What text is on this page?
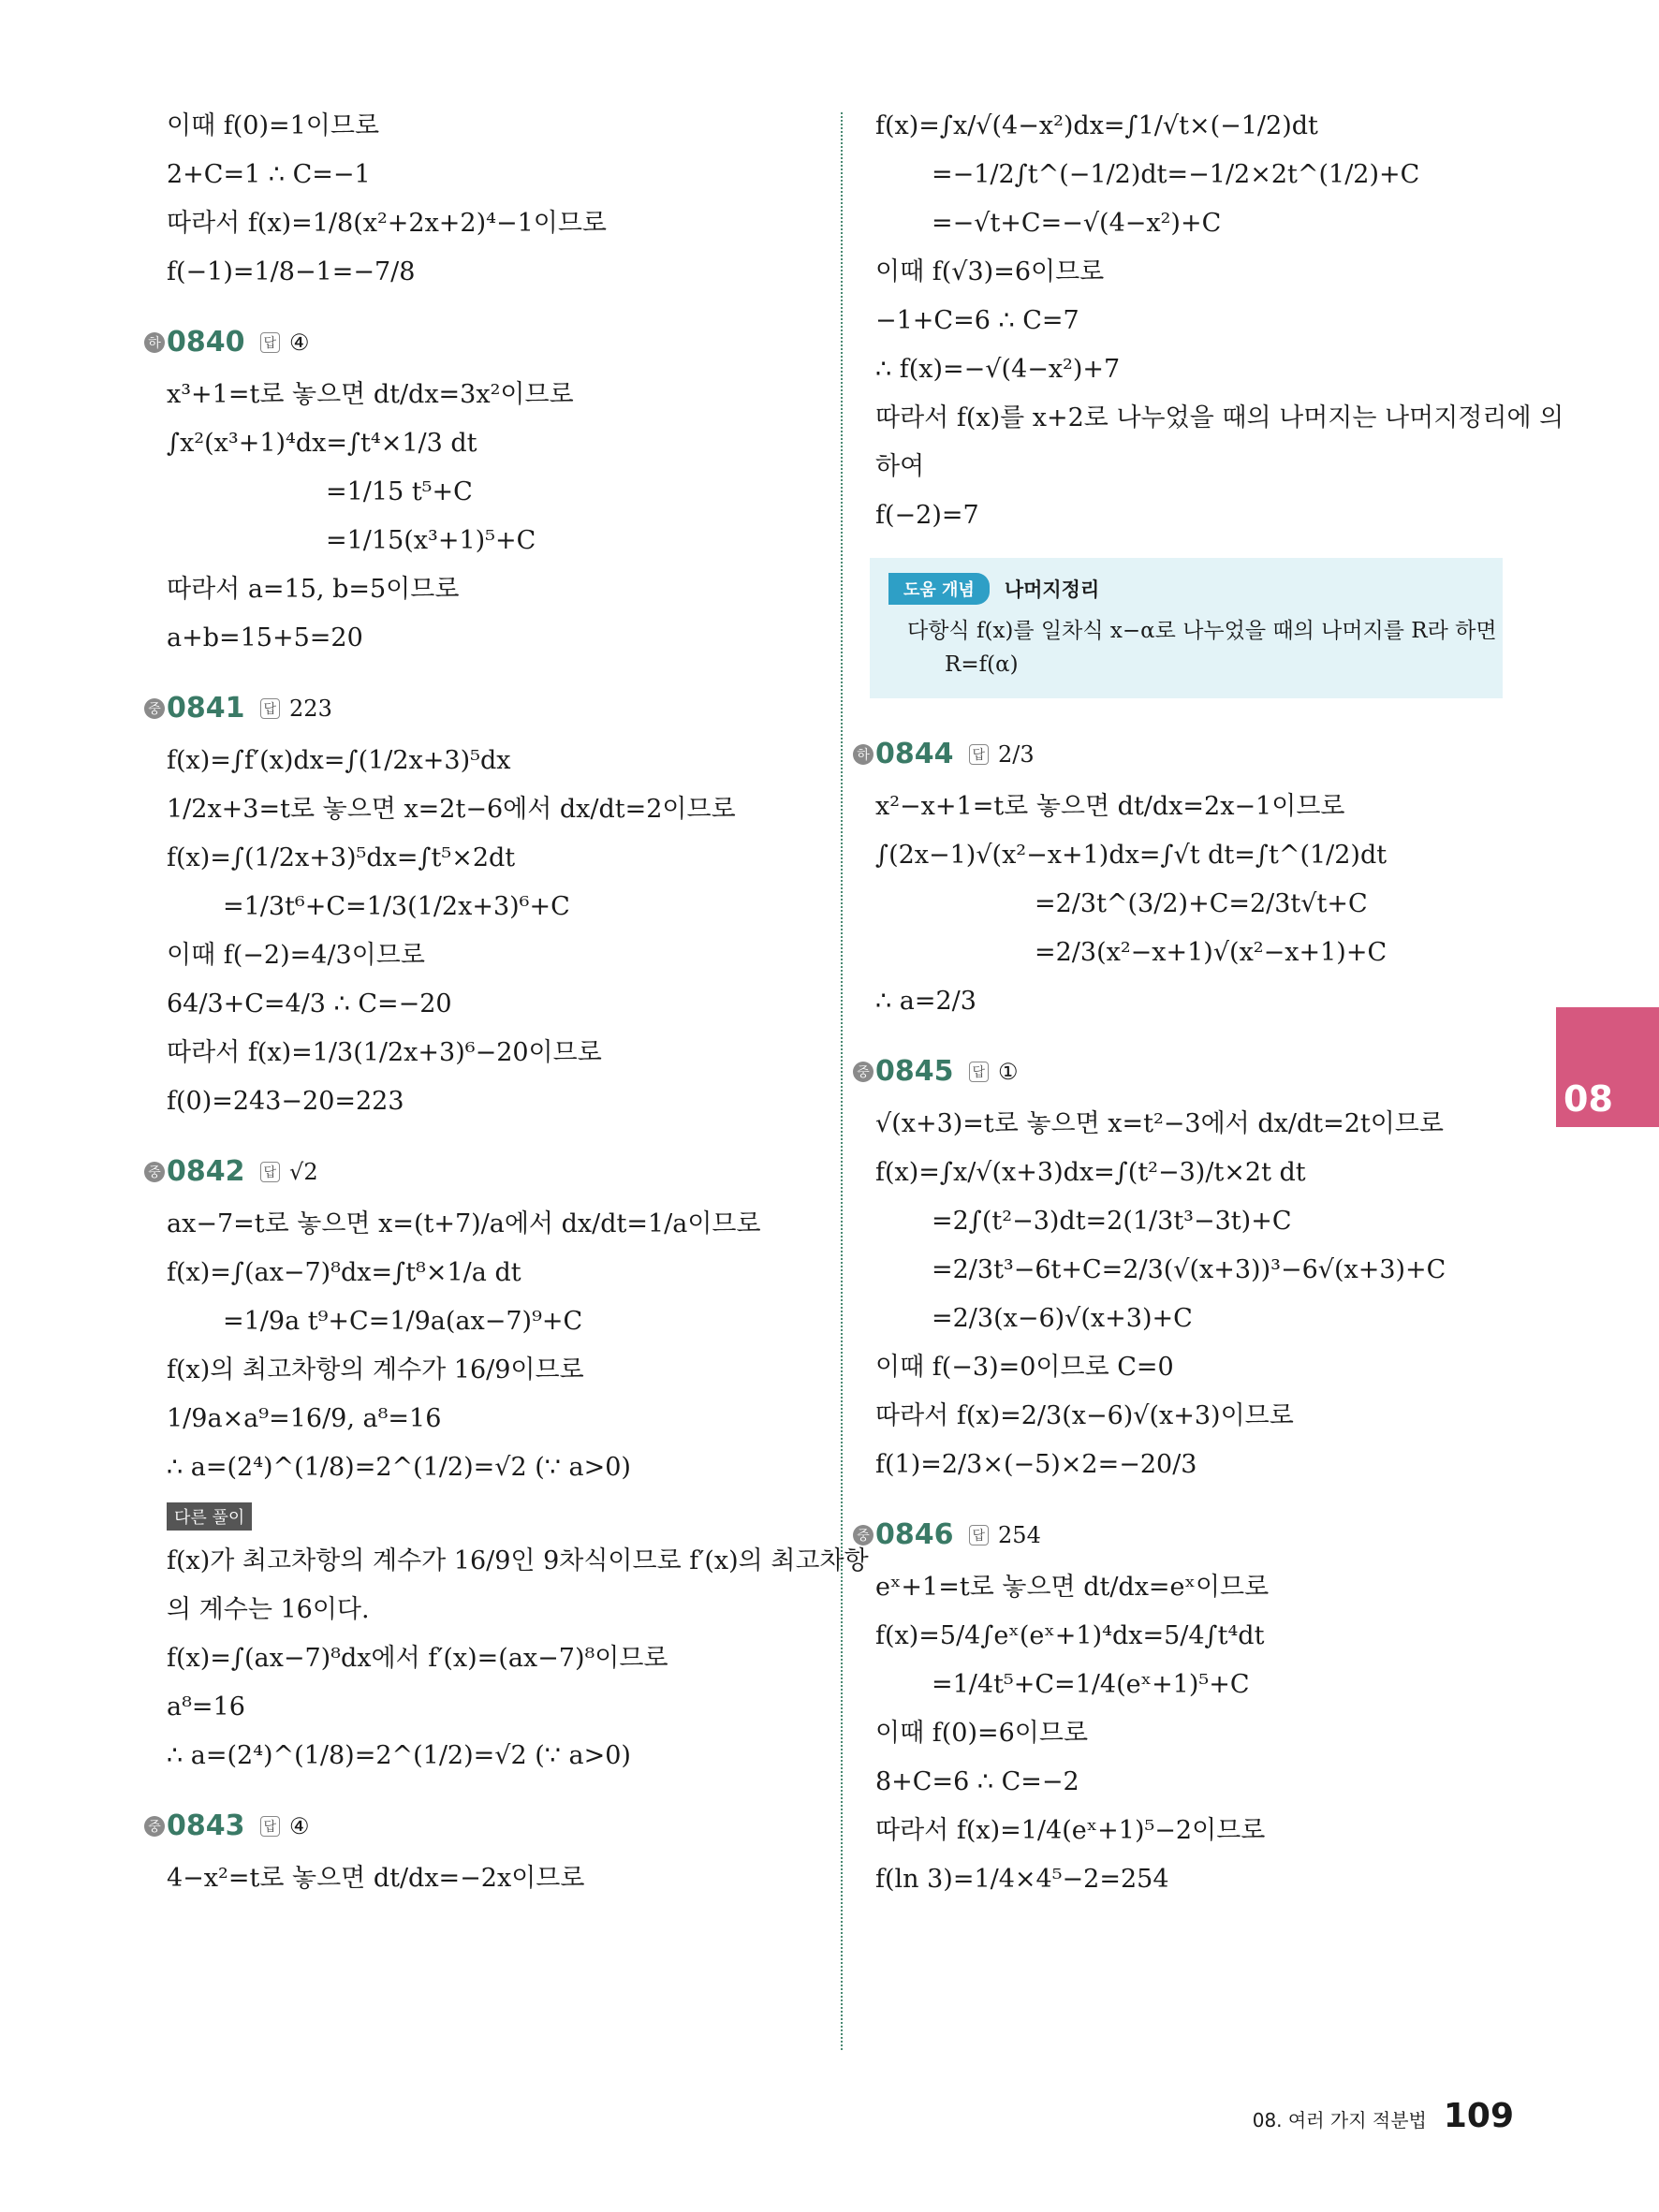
이때 f(0)=1이므로
2+C=1 ∴ C=−1
따라서 f(x)=1/8(x²+2x+2)⁴−1이므로
f(−1)=1/8−1=−7/8
하 0840 답 ④
x³+1=t로 놓으면 dt/dx=3x²이므로
∫x²(x³+1)⁴dx=∫t⁴×1/3 dt
=1/15 t⁵+C
=1/15(x³+1)⁵+C
따라서 a=15, b=5이므로
a+b=15+5=20
중 0841 답 223
f(x)=∫f′(x)dx=∫(1/2x+3)⁵dx
1/2x+3=t로 놓으면 x=2t−6에서 dx/dt=2이므로
f(x)=∫(1/2x+3)⁵dx=∫t⁵×2dt
=1/3t⁶+C=1/3(1/2x+3)⁶+C
이때 f(−2)=4/3이므로
64/3+C=4/3 ∴ C=−20
따라서 f(x)=1/3(1/2x+3)⁶−20이므로
f(0)=243−20=223
중 0842 답 √2
ax−7=t로 놓으면 x=(t+7)/a에서 dx/dt=1/a이므로
f(x)=∫(ax−7)⁸dx=∫t⁸×1/a dt
=1/9a t⁹+C=1/9a(ax−7)⁹+C
f(x)의 최고차항의 계수가 16/9이므로
1/9a×a⁹=16/9, a⁸=16
∴ a=(2⁴)^(1/8)=2^(1/2)=√2 (∵ a>0)
다른 풀이
f(x)가 최고차항의 계수가 16/9인 9차식이므로 f′(x)의 최고차항
의 계수는 16이다.
f(x)=∫(ax−7)⁸dx에서 f′(x)=(ax−7)⁸이므로
a⁸=16
∴ a=(2⁴)^(1/8)=2^(1/2)=√2 (∵ a>0)
중 0843 답 ④
4−x²=t로 놓으면 dt/dx=−2x이므로
f(x)=∫x/√(4−x²)dx=∫1/√t×(−1/2)dt
=−1/2∫t^(−1/2)dt=−1/2×2t^(1/2)+C
=−√t+C=−√(4−x²)+C
이때 f(√3)=6이므로
−1+C=6 ∴ C=7
∴ f(x)=−√(4−x²)+7
따라서 f(x)를 x+2로 나누었을 때의 나머지는 나머지정리에 의
하여
f(−2)=7
도움 개념	나머지정리
다항식 f(x)를 일차식 x−α로 나누었을 때의 나머지를 R라 하면
R=f(α)
하 0844 답 2/3
x²−x+1=t로 놓으면 dt/dx=2x−1이므로
∫(2x−1)√(x²−x+1)dx=∫√t dt=∫t^(1/2)dt
=2/3t^(3/2)+C=2/3t√t+C
=2/3(x²−x+1)√(x²−x+1)+C
∴ a=2/3
중 0845 답 ①
√(x+3)=t로 놓으면 x=t²−3에서 dx/dt=2t이므로
f(x)=∫x/√(x+3)dx=∫(t²−3)/t×2t dt
=2∫(t²−3)dt=2(1/3t³−3t)+C
=2/3t³−6t+C=2/3(√(x+3))³−6√(x+3)+C
=2/3(x−6)√(x+3)+C
이때 f(−3)=0이므로 C=0
따라서 f(x)=2/3(x−6)√(x+3)이므로
f(1)=2/3×(−5)×2=−20/3
중 0846 답 254
eˣ+1=t로 놓으면 dt/dx=eˣ이므로
f(x)=5/4∫eˣ(eˣ+1)⁴dx=5/4∫t⁴dt
=1/4t⁵+C=1/4(eˣ+1)⁵+C
이때 f(0)=6이므로
8+C=6 ∴ C=−2
따라서 f(x)=1/4(eˣ+1)⁵−2이므로
f(ln 3)=1/4×4⁵−2=254
08
08. 여러 가지 적분법 109
